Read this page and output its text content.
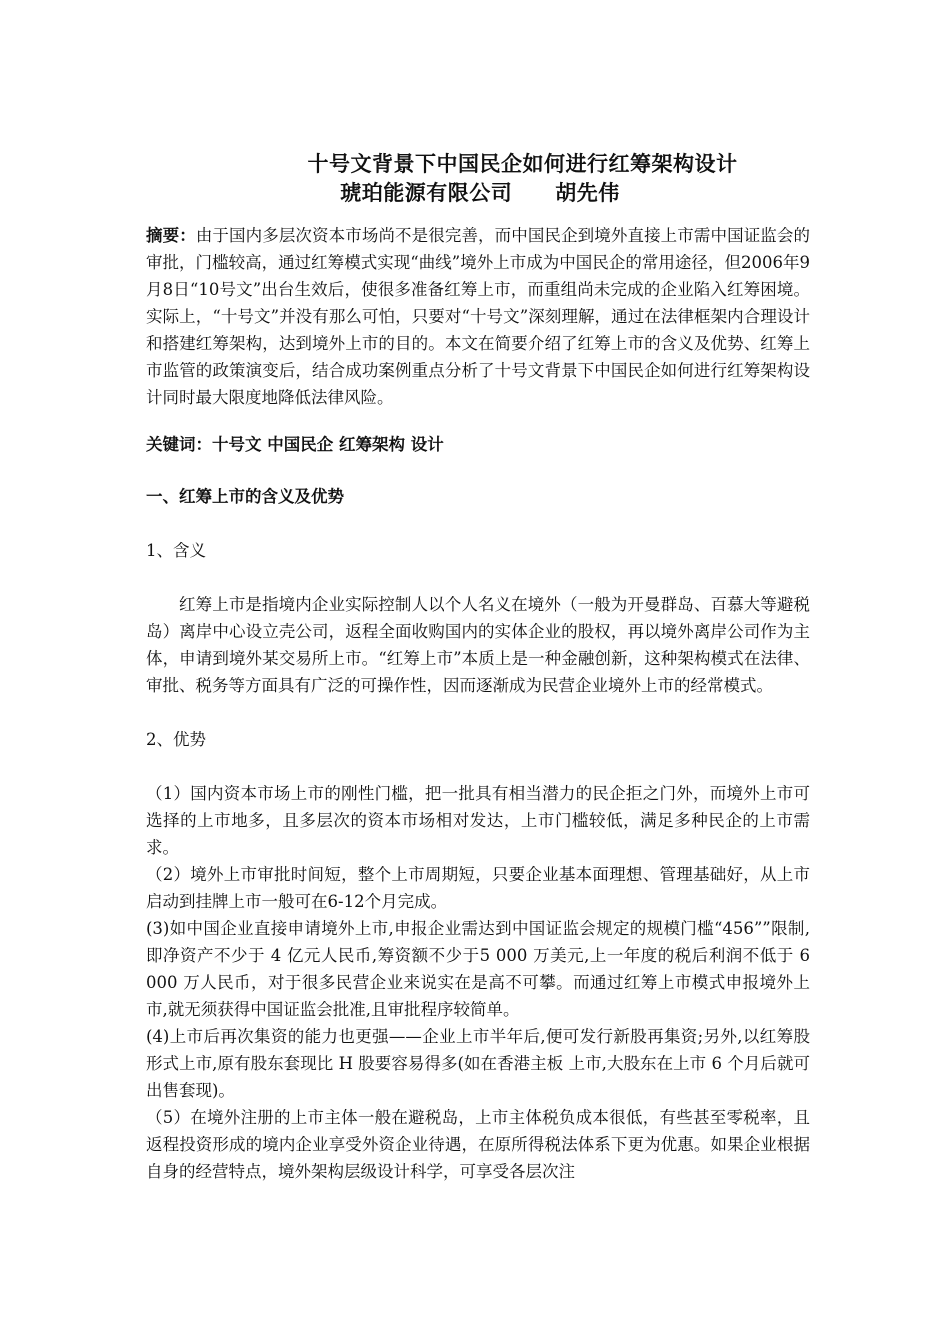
十号文背景下中国民企如何进行红筹架构设计
琥珀能源有限公司　　胡先伟

摘要：由于国内多层次资本市场尚不是很完善，而中国民企到境外直接上市需中国证监会的审批，门槛较高，通过红筹模式实现“曲线”境外上市成为中国民企的常用途径，但2006年9月8日“10号文”出台生效后，使很多准备红筹上市，而重组尚未完成的企业陷入红筹困境。实际上，“十号文”并没有那么可怕，只要对“十号文”深刻理解，通过在法律框架内合理设计和搭建红筹架构，达到境外上市的目的。本文在简要介绍了红筹上市的含义及优势、红筹上市监管的政策演变后，结合成功案例重点分析了十号文背景下中国民企如何进行红筹架构设计同时最大限度地降低法律风险。

关键词：十号文 中国民企 红筹架构 设计

一、红筹上市的含义及优势

1、含义

红筹上市是指境内企业实际控制人以个人名义在境外（一般为开曼群岛、百慕大等避税岛）离岸中心设立壳公司，返程全面收购国内的实体企业的股权，再以境外离岸公司作为主体，申请到境外某交易所上市。“红筹上市”本质上是一种金融创新，这种架构模式在法律、审批、税务等方面具有广泛的可操作性，因而逐渐成为民营企业境外上市的经常模式。

2、优势

（1）国内资本市场上市的刚性门槛，把一批具有相当潜力的民企拒之门外，而境外上市可选择的上市地多，且多层次的资本市场相对发达，上市门槛较低，满足多种民企的上市需求。

（2）境外上市审批时间短，整个上市周期短，只要企业基本面理想、管理基础好，从上市启动到挂牌上市一般可在6-12个月完成。

(3)如中国企业直接申请境外上市,申报企业需达到中国证监会规定的规模门槛“456””限制,即净资产不少于 4 亿元人民币,筹资额不少于5 000 万美元,上一年度的税后利润不低于 6 000 万人民币，对于很多民营企业来说实在是高不可攀。而通过红筹上市模式申报境外上市,就无须获得中国证监会批准,且审批程序较简单。

(4)上市后再次集资的能力也更强——企业上市半年后,便可发行新股再集资;另外,以红筹股形式上市,原有股东套现比 H 股要容易得多(如在香港主板 上市,大股东在上市 6 个月后就可出售套现)。

（5）在境外注册的上市主体一般在避税岛，上市主体税负成本很低，有些甚至零税率，且返程投资形成的境内企业享受外资企业待遇，在原所得税法体系下更为优惠。如果企业根据自身的经营特点，境外架构层级设计科学，可享受各层次注
